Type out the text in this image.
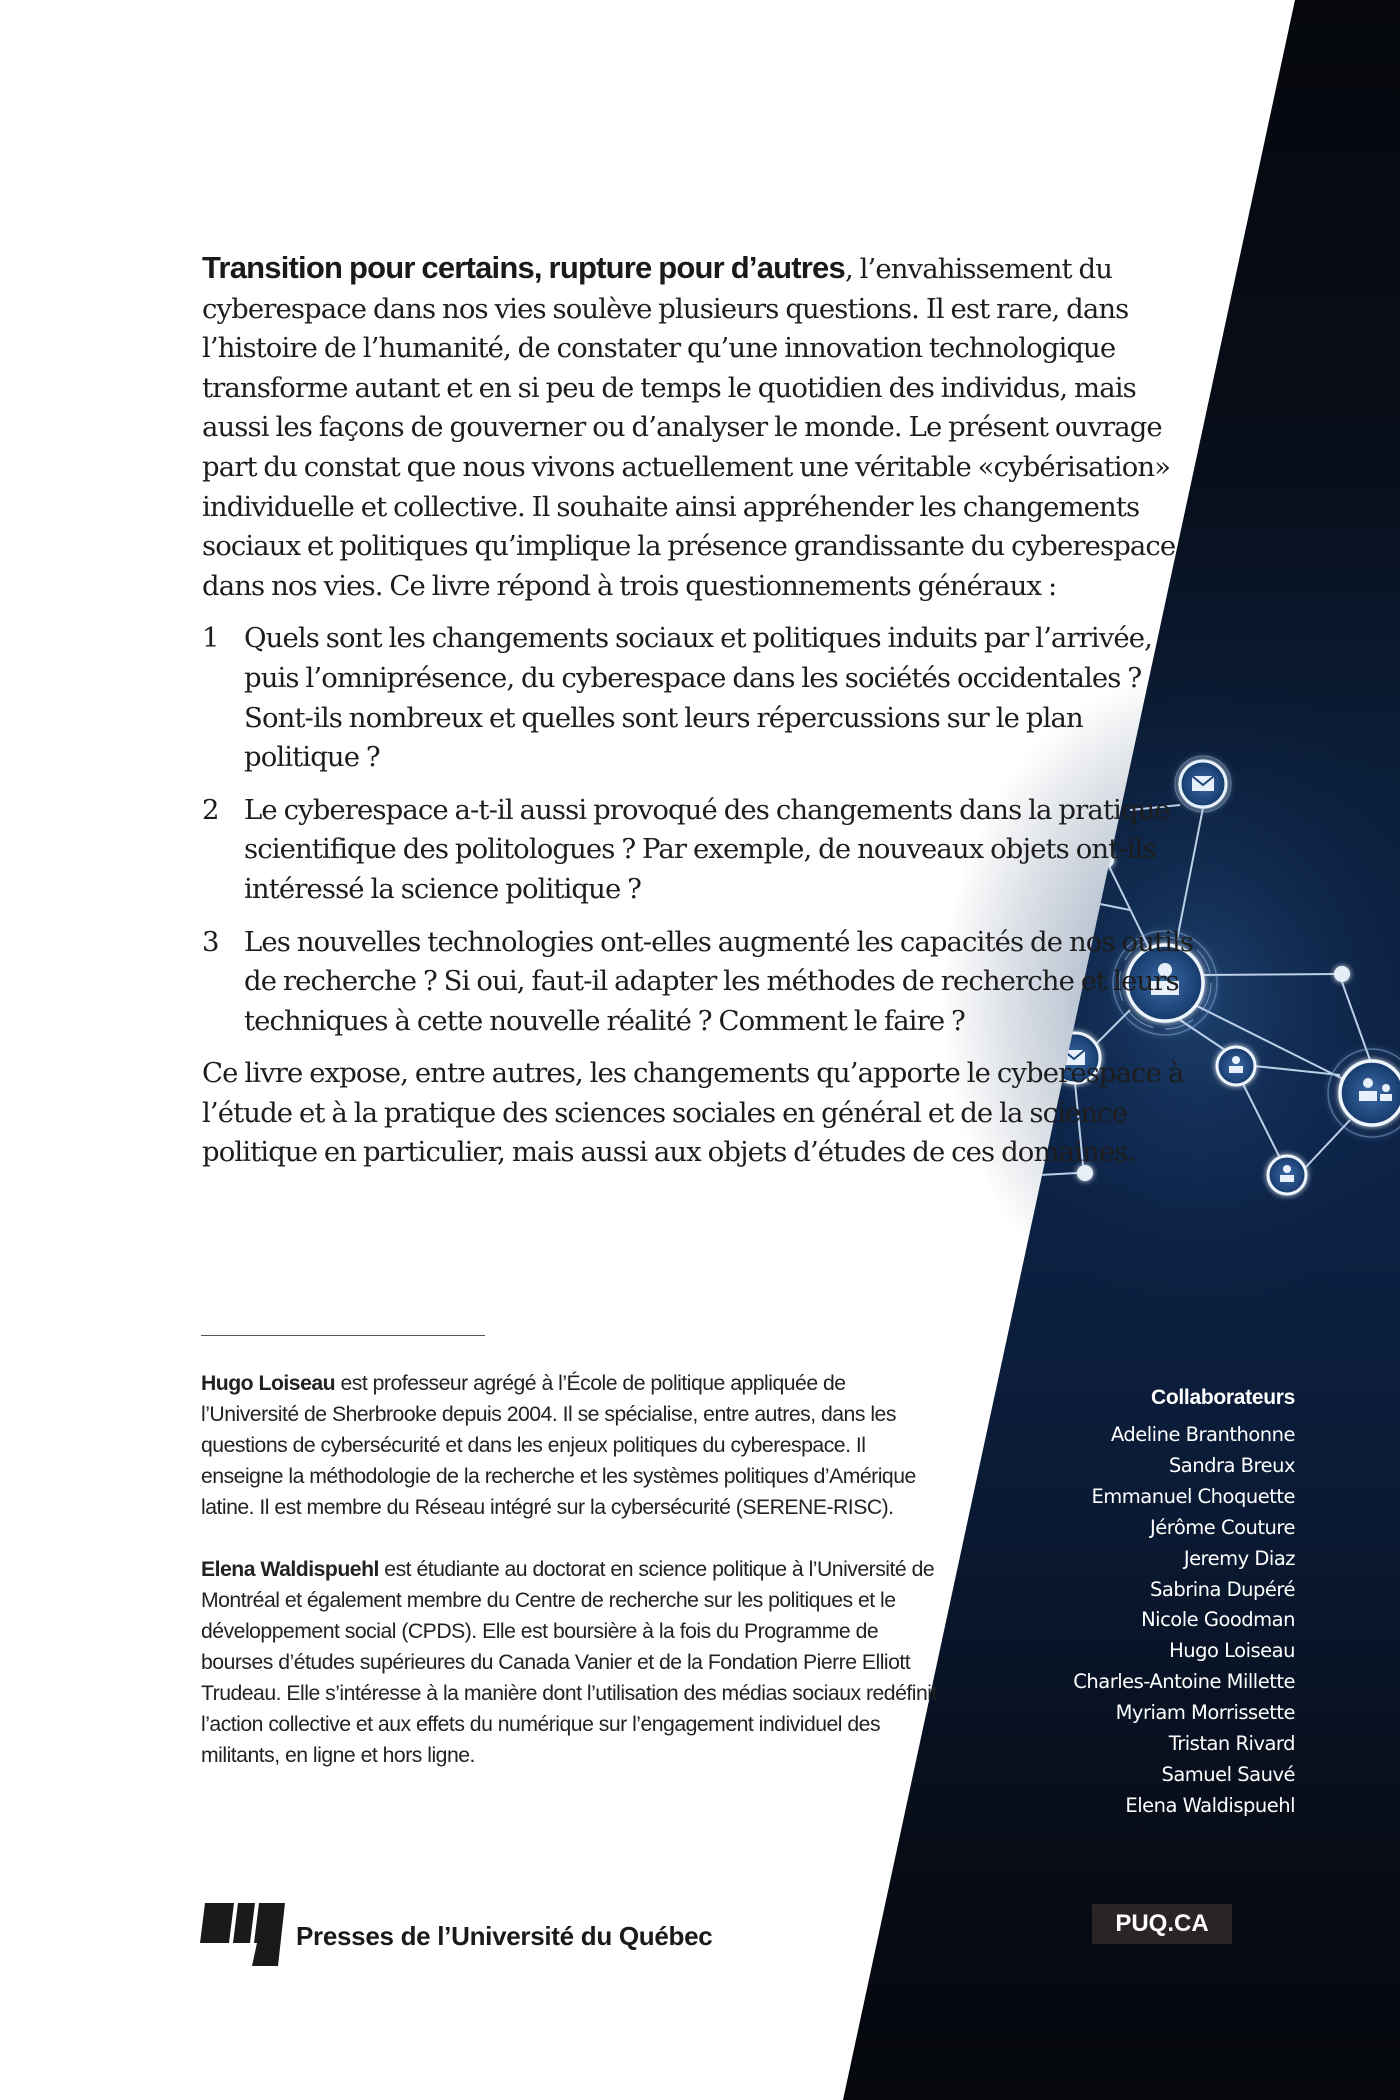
Transition pour certains, rupture pour d’autres, l’envahissement du cyberespace dans nos vies soulève plusieurs questions. Il est rare, dans l’histoire de l’humanité, de constater qu’une innovation technologique transforme autant et en si peu de temps le quotidien des individus, mais aussi les façons de gouverner ou d’analyser le monde. Le présent ouvrage part du constat que nous vivons actuellement une véritable «cybérisation» individuelle et collective. Il souhaite ainsi appréhender les changements sociaux et politiques qu’implique la présence grandissante du cyberespace dans nos vies. Ce livre répond à trois questionnements généraux :

1 Quels sont les changements sociaux et politiques induits par l’arrivée, puis l’omniprésence, du cyberespace dans les sociétés occidentales ? Sont-ils nombreux et quelles sont leurs répercussions sur le plan politique ?
2 Le cyberespace a-t-il aussi provoqué des changements dans la pratique scientifique des politologues ? Par exemple, de nouveaux objets ont-ils intéressé la science politique ?
3 Les nouvelles technologies ont-elles augmenté les capacités de nos outils de recherche ? Si oui, faut-il adapter les méthodes de recherche et leurs techniques à cette nouvelle réalité ? Comment le faire ?

Ce livre expose, entre autres, les changements qu’apporte le cyberespace à l’étude et à la pratique des sciences sociales en général et de la science politique en particulier, mais aussi aux objets d’études de ces domaines.

Hugo Loiseau est professeur agrégé à l’École de politique appliquée de l’Université de Sherbrooke depuis 2004. Il se spécialise, entre autres, dans les questions de cybersécurité et dans les enjeux politiques du cyberespace. Il enseigne la méthodologie de la recherche et les systèmes politiques d’Amérique latine. Il est membre du Réseau intégré sur la cybersécurité (SERENE-RISC).

Elena Waldispuehl est étudiante au doctorat en science politique à l’Université de Montréal et également membre du Centre de recherche sur les politiques et le développement social (CPDS). Elle est boursière à la fois du Programme de bourses d’études supérieures du Canada Vanier et de la Fondation Pierre Elliott Trudeau. Elle s’intéresse à la manière dont l’utilisation des médias sociaux redéfinit l’action collective et aux effets du numérique sur l’engagement individuel des militants, en ligne et hors ligne.

Collaborateurs
Adeline Branthonne
Sandra Breux
Emmanuel Choquette
Jérôme Couture
Jeremy Diaz
Sabrina Dupéré
Nicole Goodman
Hugo Loiseau
Charles-Antoine Millette
Myriam Morrissette
Tristan Rivard
Samuel Sauvé
Elena Waldispuehl
Presses de l’Université du Québec	PUQ.CA
